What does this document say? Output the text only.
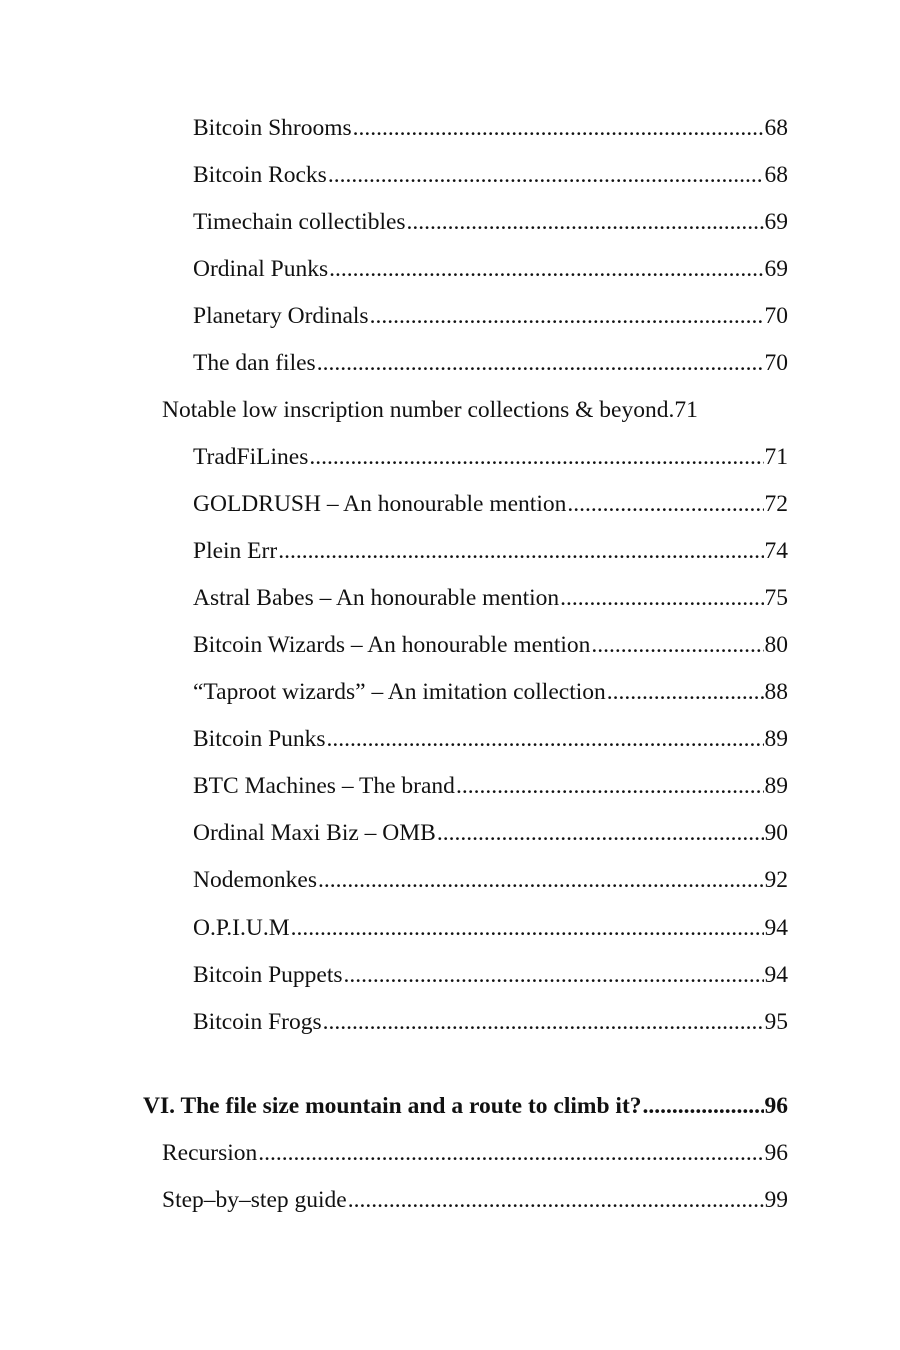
Bitcoin Shrooms .....	68
Bitcoin Rocks .....	68
Timechain collectibles .....	69
Ordinal Punks .....	69
Planetary Ordinals .....	70
The dan files .....	70
Notable low inscription number collections & beyond .71
TradFiLines .....	71
GOLDRUSH – An honourable mention .....	72
Plein Err .....	74
Astral Babes – An honourable mention .....	75
Bitcoin Wizards – An honourable mention .....	80
“Taproot wizards” – An imitation collection .....	88
Bitcoin Punks .....	89
BTC Machines – The brand .....	89
Ordinal Maxi Biz – OMB .....	90
Nodemonkes .....	92
O.P.I.U.M .....	94
Bitcoin Puppets .....	94
Bitcoin Frogs .....	95
VI. The file size mountain and a route to climb it? .....	96
Recursion .....	96
Step–by–step guide .....	99
